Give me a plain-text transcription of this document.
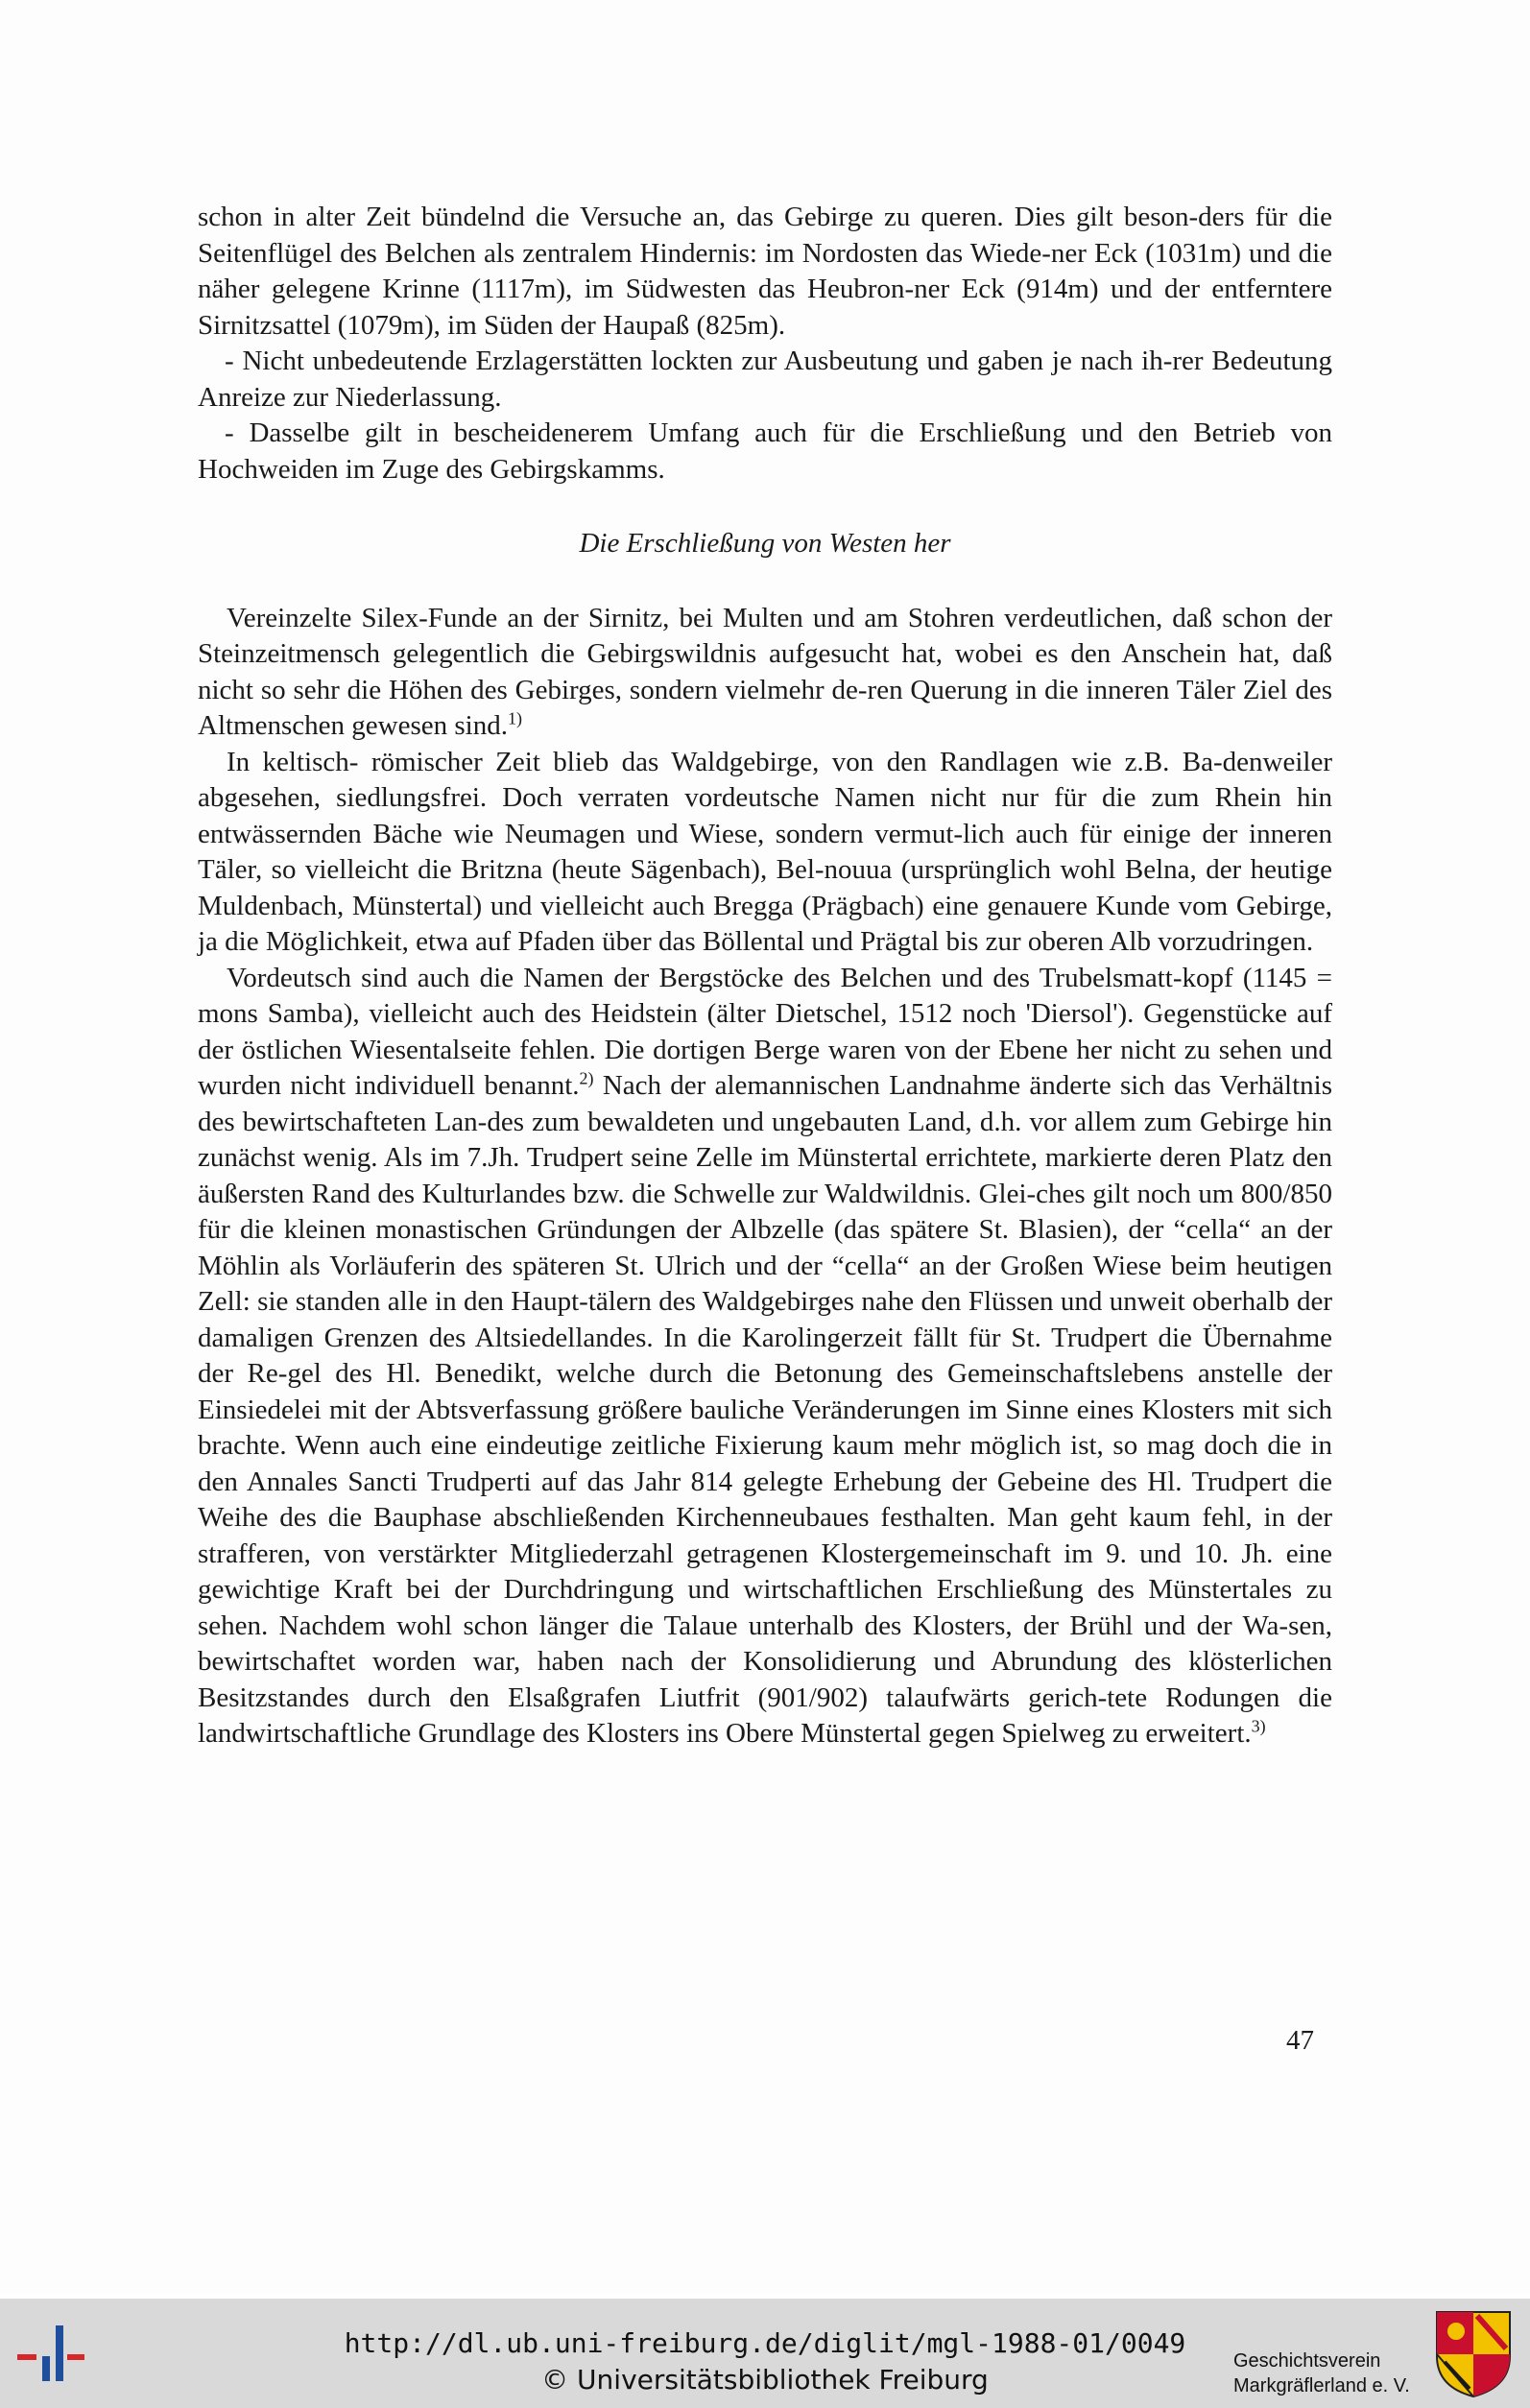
schon in alter Zeit bündelnd die Versuche an, das Gebirge zu queren. Dies gilt beson-ders für die Seitenflügel des Belchen als zentralem Hindernis: im Nordosten das Wiede-ner Eck (1031m) und die näher gelegene Krinne (1117m), im Südwesten das Heubron-ner Eck (914m) und der entferntere Sirnitzsattel (1079m), im Süden der Haupaß (825m).

- Nicht unbedeutende Erzlagerstätten lockten zur Ausbeutung und gaben je nach ih-rer Bedeutung Anreize zur Niederlassung.

- Dasselbe gilt in bescheidenerem Umfang auch für die Erschließung und den Betrieb von Hochweiden im Zuge des Gebirgskamms.

Die Erschließung von Westen her

Vereinzelte Silex-Funde an der Sirnitz, bei Multen und am Stohren verdeutlichen, daß schon der Steinzeitmensch gelegentlich die Gebirgswildnis aufgesucht hat, wobei es den Anschein hat, daß nicht so sehr die Höhen des Gebirges, sondern vielmehr de-ren Querung in die inneren Täler Ziel des Altmenschen gewesen sind.$^{1)}$

In keltisch- römischer Zeit blieb das Waldgebirge, von den Randlagen wie z.B. Ba-denweiler abgesehen, siedlungsfrei. Doch verraten vordeutsche Namen nicht nur für die zum Rhein hin entwässernden Bäche wie Neumagen und Wiese, sondern vermut-lich auch für einige der inneren Täler, so vielleicht die Britzna (heute Sägenbach), Bel-nouua (ursprünglich wohl Belna, der heutige Muldenbach, Münstertal) und vielleicht auch Bregga (Prägbach) eine genauere Kunde vom Gebirge, ja die Möglichkeit, etwa auf Pfaden über das Böllental und Prägtal bis zur oberen Alb vorzudringen.

Vordeutsch sind auch die Namen der Bergstöcke des Belchen und des Trubelsmatt-kopf (1145 = mons Samba), vielleicht auch des Heidstein (älter Dietschel, 1512 noch 'Diersol'). Gegenstücke auf der östlichen Wiesentalseite fehlen. Die dortigen Berge waren von der Ebene her nicht zu sehen und wurden nicht individuell benannt.$^{2)}$ Nach der alemannischen Landnahme änderte sich das Verhältnis des bewirtschafteten Lan-des zum bewaldeten und ungebauten Land, d.h. vor allem zum Gebirge hin zunächst wenig. Als im 7.Jh. Trudpert seine Zelle im Münstertal errichtete, markierte deren Platz den äußersten Rand des Kulturlandes bzw. die Schwelle zur Waldwildnis. Glei-ches gilt noch um 800/850 für die kleinen monastischen Gründungen der Albzelle (das spätere St. Blasien), der “cella“ an der Möhlin als Vorläuferin des späteren St. Ulrich und der “cella“ an der Großen Wiese beim heutigen Zell: sie standen alle in den Haupt-tälern des Waldgebirges nahe den Flüssen und unweit oberhalb der damaligen Grenzen des Altsiedellandes. In die Karolingerzeit fällt für St. Trudpert die Übernahme der Re-gel des Hl. Benedikt, welche durch die Betonung des Gemeinschaftslebens anstelle der Einsiedelei mit der Abtsverfassung größere bauliche Veränderungen im Sinne eines Klosters mit sich brachte. Wenn auch eine eindeutige zeitliche Fixierung kaum mehr möglich ist, so mag doch die in den Annales Sancti Trudperti auf das Jahr 814 gelegte Erhebung der Gebeine des Hl. Trudpert die Weihe des die Bauphase abschließenden Kirchenneubaues festhalten. Man geht kaum fehl, in der strafferen, von verstärkter Mitgliederzahl getragenen Klostergemeinschaft im 9. und 10. Jh. eine gewichtige Kraft bei der Durchdringung und wirtschaftlichen Erschließung des Münstertales zu sehen. Nachdem wohl schon länger die Talaue unterhalb des Klosters, der Brühl und der Wa-sen, bewirtschaftet worden war, haben nach der Konsolidierung und Abrundung des klösterlichen Besitzstandes durch den Elsaßgrafen Liutfrit (901/902) talaufwärts gerich-tete Rodungen die landwirtschaftliche Grundlage des Klosters ins Obere Münstertal gegen Spielweg zu erweitert.$^{3)}$

47
http://dl.ub.uni-freiburg.de/diglit/mgl-1988-01/0049
© Universitätsbibliothek Freiburg
Geschichtsverein
Markgräflerland e. V.
